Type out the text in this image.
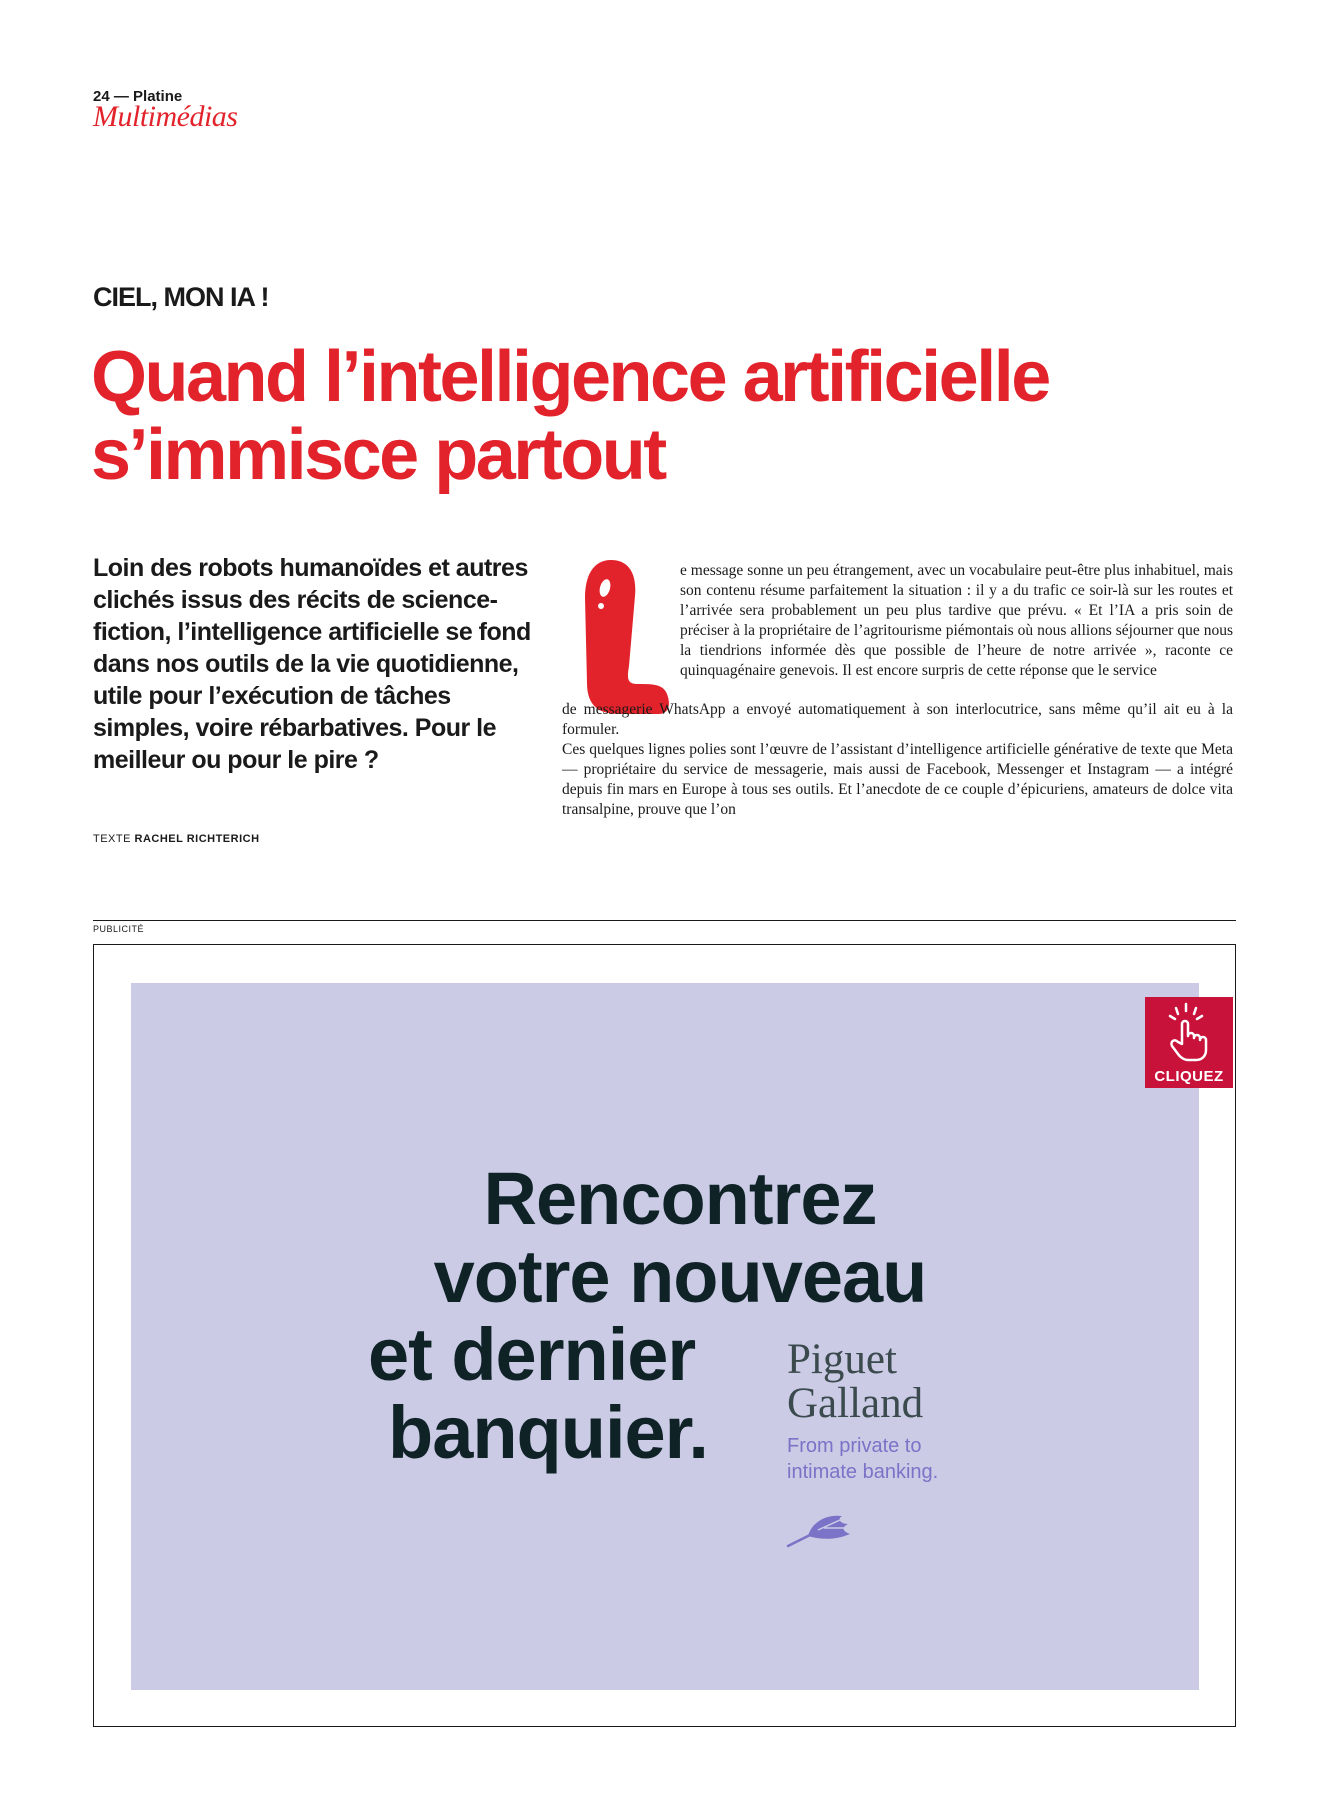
24 — Platine
Multimédias
CIEL, MON IA !
Quand l’intelligence artificielle
s’immisce partout
Loin des robots humanoïdes et autres clichés issus des récits de science-fiction, l’intelligence artificielle se fond dans nos outils de la vie quotidienne, utile pour l’exécution de tâches simples, voire rébarbatives. Pour le meilleur ou pour le pire ?
TEXTE RACHEL RICHTERICH
e message sonne un peu étrangement, avec un vocabulaire peut-être plus inhabituel, mais son contenu résume parfaitement la situation : il y a du trafic ce soir-là sur les routes et l’arrivée sera probablement un peu plus tardive que prévu. « Et l’IA a pris soin de préciser à la propriétaire de l’agritourisme piémontais où nous allions séjourner que nous la tiendrions informée dès que possible de l’heure de notre arrivée », raconte ce quinquagénaire genevois. Il est encore surpris de cette réponse que le service
de messagerie WhatsApp a envoyé automatiquement à son interlocutrice, sans même qu’il ait eu à la formuler.
Ces quelques lignes polies sont l’œuvre de l’assistant d’intelligence artificielle générative de texte que Meta — propriétaire du service de messagerie, mais aussi de Facebook, Messenger et Instagram — a intégré depuis fin mars en Europe à tous ses outils. Et l’anecdote de ce couple d’épicuriens, amateurs de dolce vita transalpine, prouve que l’on
PUBLICITÉ
Rencontrez
votre nouveau
et dernier
banquier.
Piguet
Galland
From private to
intimate banking.
CLIQUEZ
